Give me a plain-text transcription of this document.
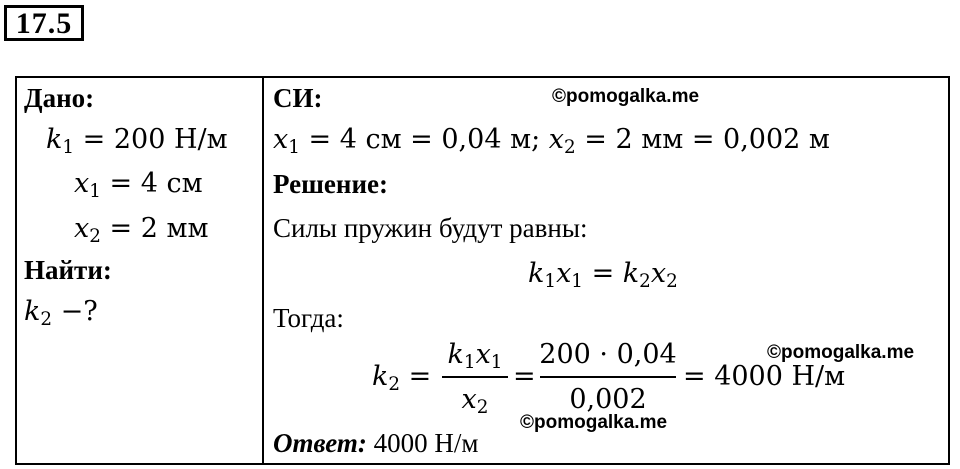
17.5
Дано:
$k_1 = 200$ Н/м
$x_1 = 4$ см
$x_2 = 2$ мм
Найти:
$k_2$ −?
СИ:	©pomogalka.me
$x_1 = 4$ см = 0,04 м; $x_2 = 2$ мм = 0,002 м
Решение:
Силы пружин будут равны:
$k_1x_1 = k_2x_2$
Тогда:
$k_2$ =
$k_1x_1$
$x_2$
=
200 · 0,04
0,002
= 4000 Н/м
©pomogalka.me
©pomogalka.me
Ответ: 4000 Н/м
